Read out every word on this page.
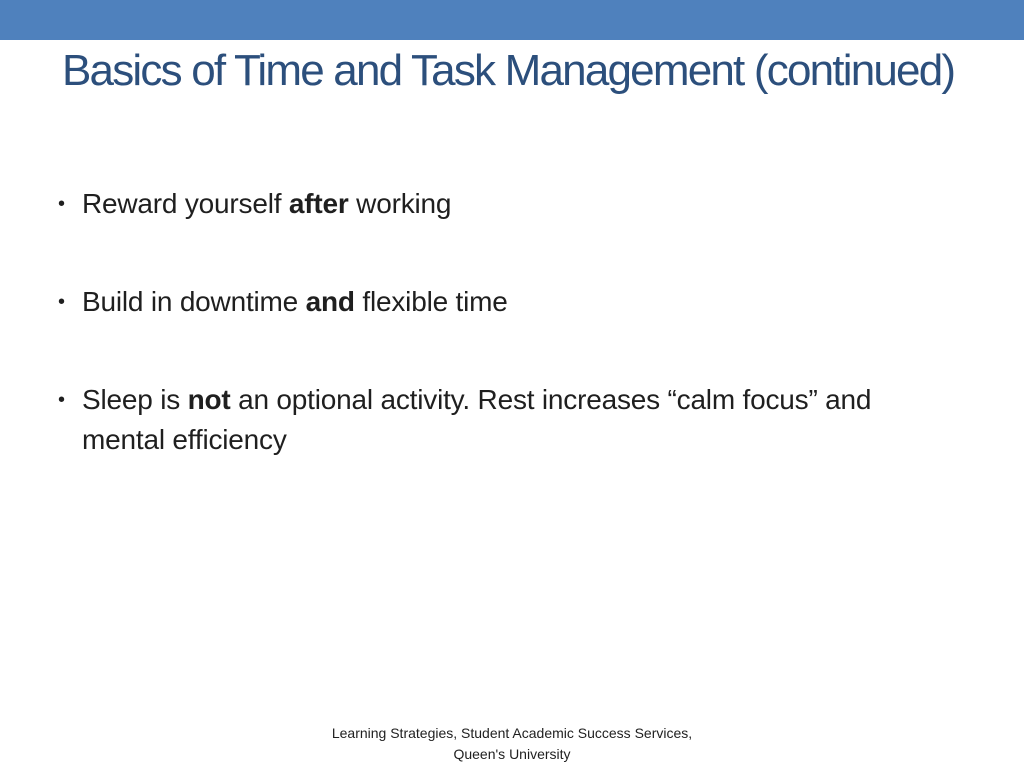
Basics of Time and Task Management (continued)
• Reward yourself after working
• Build in downtime and flexible time
• Sleep is not an optional activity. Rest increases “calm focus” and mental efficiency
Learning Strategies, Student Academic Success Services,
Queen's University
